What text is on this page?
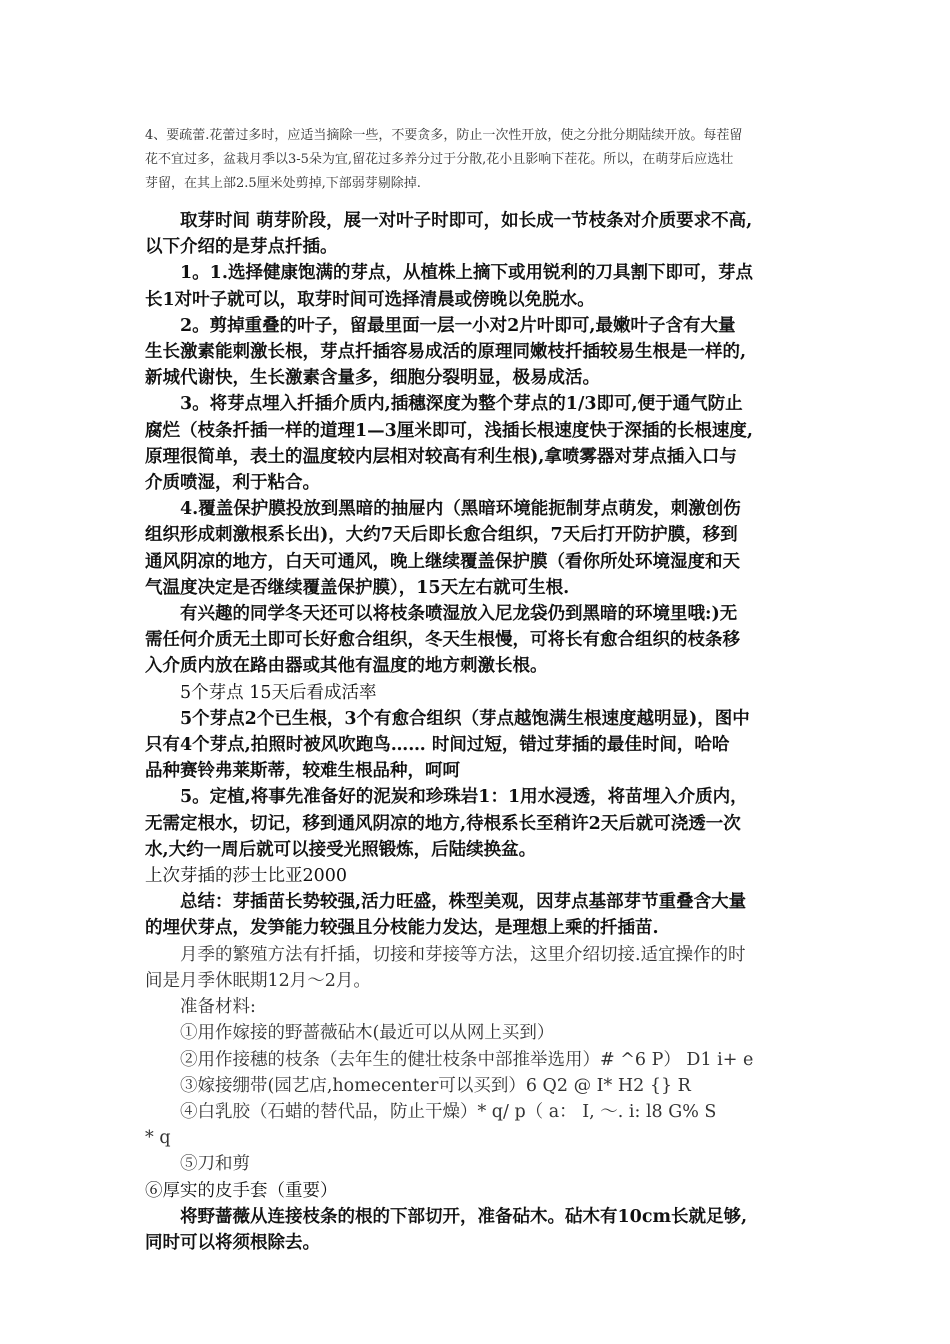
4、要疏蕾.花蕾过多时，应适当摘除一些，不要贪多，防止一次性开放，使之分批分期陆续开放。每茬留

花不宜过多，盆栽月季以3-5朵为宜,留花过多养分过于分散,花小且影响下茬花。所以，在萌芽后应选壮

芽留，在其上部2.5厘米处剪掉,下部弱芽剔除掉.

取芽时间 萌芽阶段，展一对叶子时即可，如长成一节枝条对介质要求不高,

以下介绍的是芽点扦插。

1。1.选择健康饱满的芽点，从植株上摘下或用锐利的刀具割下即可，芽点

长1对叶子就可以，取芽时间可选择清晨或傍晚以免脱水。

2。剪掉重叠的叶子，留最里面一层一小对2片叶即可,最嫩叶子含有大量

生长激素能刺激长根，芽点扦插容易成活的原理同嫩枝扦插较易生根是一样的,

新城代谢快，生长激素含量多，细胞分裂明显，极易成活。

3。将芽点埋入扦插介质内,插穗深度为整个芽点的1/3即可,便于通气防止

腐烂（枝条扦插一样的道理1—3厘米即可，浅插长根速度快于深插的长根速度,

原理很简单，表土的温度较内层相对较高有利生根),拿喷雾器对芽点插入口与

介质喷湿，利于粘合。

4.覆盖保护膜投放到黑暗的抽屉内（黑暗环境能扼制芽点萌发，刺激创伤

组织形成刺激根系长出)，大约7天后即长愈合组织，7天后打开防护膜，移到

通风阴凉的地方，白天可通风，晚上继续覆盖保护膜（看你所处环境湿度和天

气温度决定是否继续覆盖保护膜），15天左右就可生根.

有兴趣的同学冬天还可以将枝条喷湿放入尼龙袋仍到黑暗的环境里哦:)无

需任何介质无土即可长好愈合组织，冬天生根慢，可将长有愈合组织的枝条移

入介质内放在路由器或其他有温度的地方刺激长根。

5个芽点 15天后看成活率

5个芽点2个已生根，3个有愈合组织（芽点越饱满生根速度越明显)，图中

只有4个芽点,拍照时被风吹跑鸟…… 时间过短，错过芽插的最佳时间，哈哈

品种赛铃弗莱斯蒂，较难生根品种，呵呵

5。定植,将事先准备好的泥炭和珍珠岩1：1用水浸透，将苗埋入介质内，

无需定根水，切记，移到通风阴凉的地方,待根系长至稍许2天后就可浇透一次

水,大约一周后就可以接受光照锻炼，后陆续换盆。

上次芽插的莎士比亚2000

总结：芽插苗长势较强,活力旺盛，株型美观，因芽点基部芽节重叠含大量

的埋伏芽点，发笋能力较强且分枝能力发达，是理想上乘的扦插苗.

月季的繁殖方法有扦插，切接和芽接等方法，这里介绍切接.适宜操作的时

间是月季休眠期12月～2月。

准备材料:

①用作嫁接的野蔷薇砧木(最近可以从网上买到）

②用作接穗的枝条（去年生的健壮枝条中部推举选用）# ^6 P） D1 i+ e

③嫁接绷带(园艺店,homecenter可以买到）6 Q2 @ I* H2 {} R

④白乳胶（石蜡的替代品，防止干燥）* q/ p（ a： I, ～. i: l8 G% S

* q

⑤刀和剪

⑥厚实的皮手套（重要）

将野蔷薇从连接枝条的根的下部切开，准备砧木。砧木有10cm长就足够,

同时可以将须根除去。
